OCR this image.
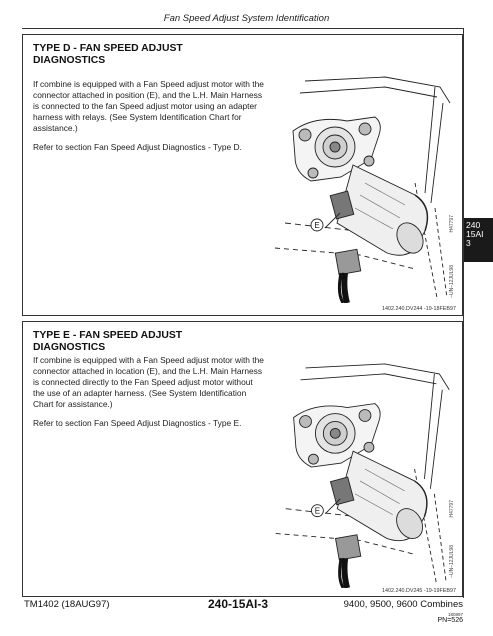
Fan Speed Adjust System Identification
TYPE D - FAN SPEED ADJUST
DIAGNOSTICS

If combine is equipped with a Fan Speed adjust motor with the connector attached in position (E), and the L.H. Main Harness is connected to the fan Speed adjust motor using an adapter harness with relays. (See System Identification Chart for assistance.)

Refer to section Fan Speed Adjust Diagnostics - Type D.

E
–UN–12JUL98
H47797
1402.240.DV244 -19-18FEB97
TYPE E - FAN SPEED ADJUST
DIAGNOSTICS

If combine is equipped with a Fan Speed adjust motor with the connector attached in location (E), and the L.H. Main Harness is connected directly to the Fan Speed adjust motor without the use of an adapter harness. (See System Identification Chart for assistance.)

Refer to section Fan Speed Adjust Diagnostics - Type E.

E
–UN–12JUL98
H47797
1402.240.DV245 -19-19FEB97
240
15AI
3
TM1402 (18AUG97)	240-15AI-3	9400, 9500, 9600 Combines
180897
PN=526
